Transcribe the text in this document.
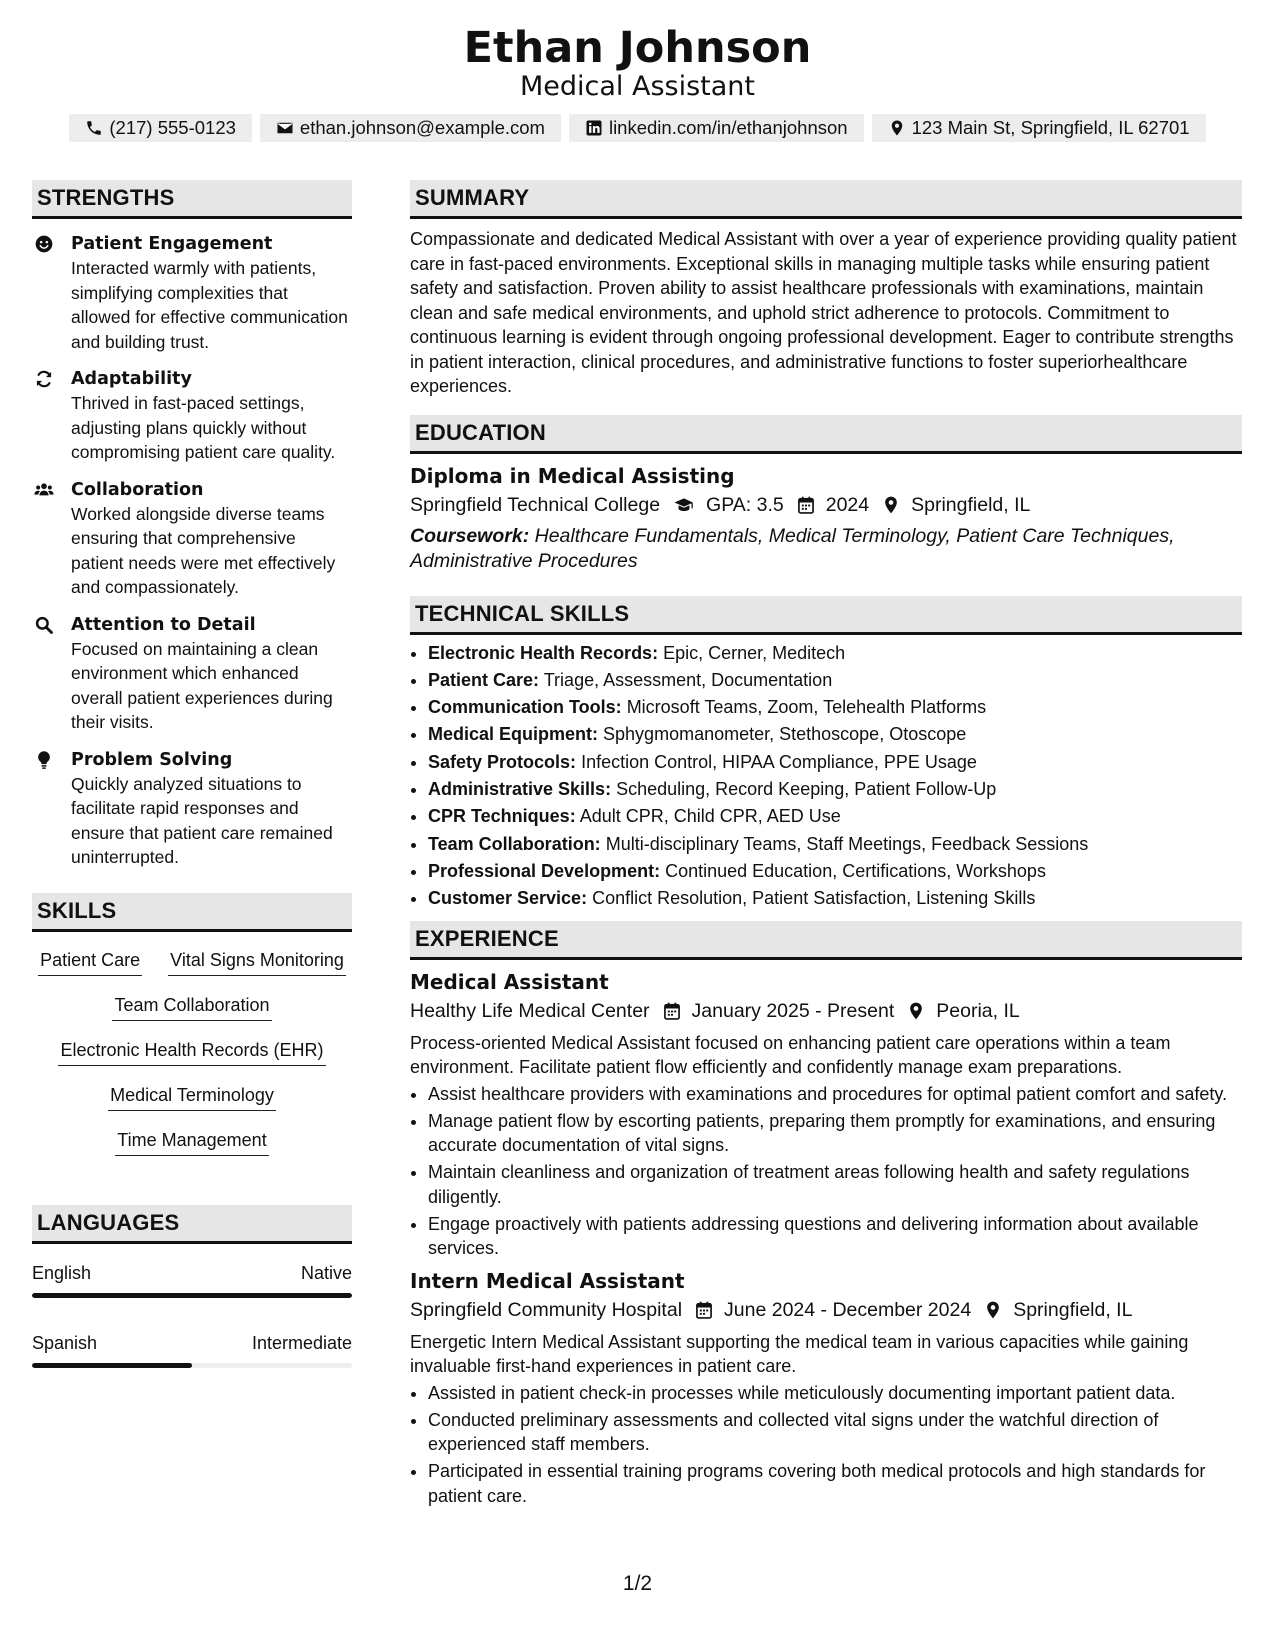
Ethan Johnson
Medical Assistant
(217) 555-0123	ethan.johnson@example.com	linkedin.com/in/ethanjohnson	123 Main St, Springfield, IL 62701
STRENGTHS
Patient Engagement
Interacted warmly with patients, simplifying complexities that allowed for effective communication and building trust.
Adaptability
Thrived in fast-paced settings, adjusting plans quickly without compromising patient care quality.
Collaboration
Worked alongside diverse teams ensuring that comprehensive patient needs were met effectively and compassionately.
Attention to Detail
Focused on maintaining a clean environment which enhanced overall patient experiences during their visits.
Problem Solving
Quickly analyzed situations to facilitate rapid responses and ensure that patient care remained uninterrupted.
SKILLS
Patient Care Vital Signs Monitoring
Team Collaboration
Electronic Health Records (EHR)
Medical Terminology
Time Management
LANGUAGES
English	Native
Spanish	Intermediate
SUMMARY
Compassionate and dedicated Medical Assistant with over a year of experience providing quality patient care in fast-paced environments. Exceptional skills in managing multiple tasks while ensuring patient safety and satisfaction. Proven ability to assist healthcare professionals with examinations, maintain clean and safe medical environments, and uphold strict adherence to protocols. Commitment to continuous learning is evident through ongoing professional development. Eager to contribute strengths in patient interaction, clinical procedures, and administrative functions to foster superiorhealthcare experiences.
EDUCATION
Diploma in Medical Assisting
Springfield Technical College GPA: 3.5 2024 Springfield, IL
Coursework: Healthcare Fundamentals, Medical Terminology, Patient Care Techniques, Administrative Procedures
TECHNICAL SKILLS
• Electronic Health Records: Epic, Cerner, Meditech
• Patient Care: Triage, Assessment, Documentation
• Communication Tools: Microsoft Teams, Zoom, Telehealth Platforms
• Medical Equipment: Sphygmomanometer, Stethoscope, Otoscope
• Safety Protocols: Infection Control, HIPAA Compliance, PPE Usage
• Administrative Skills: Scheduling, Record Keeping, Patient Follow-Up
• CPR Techniques: Adult CPR, Child CPR, AED Use
• Team Collaboration: Multi-disciplinary Teams, Staff Meetings, Feedback Sessions
• Professional Development: Continued Education, Certifications, Workshops
• Customer Service: Conflict Resolution, Patient Satisfaction, Listening Skills
EXPERIENCE
Medical Assistant
Healthy Life Medical Center January 2025 - Present Peoria, IL
Process-oriented Medical Assistant focused on enhancing patient care operations within a team environment. Facilitate patient flow efficiently and confidently manage exam preparations.
• Assist healthcare providers with examinations and procedures for optimal patient comfort and safety.
• Manage patient flow by escorting patients, preparing them promptly for examinations, and ensuring accurate documentation of vital signs.
• Maintain cleanliness and organization of treatment areas following health and safety regulations diligently.
• Engage proactively with patients addressing questions and delivering information about available services.
Intern Medical Assistant
Springfield Community Hospital June 2024 - December 2024 Springfield, IL
Energetic Intern Medical Assistant supporting the medical team in various capacities while gaining invaluable first-hand experiences in patient care.
• Assisted in patient check-in processes while meticulously documenting important patient data.
• Conducted preliminary assessments and collected vital signs under the watchful direction of experienced staff members.
• Participated in essential training programs covering both medical protocols and high standards for patient care.
1/2
